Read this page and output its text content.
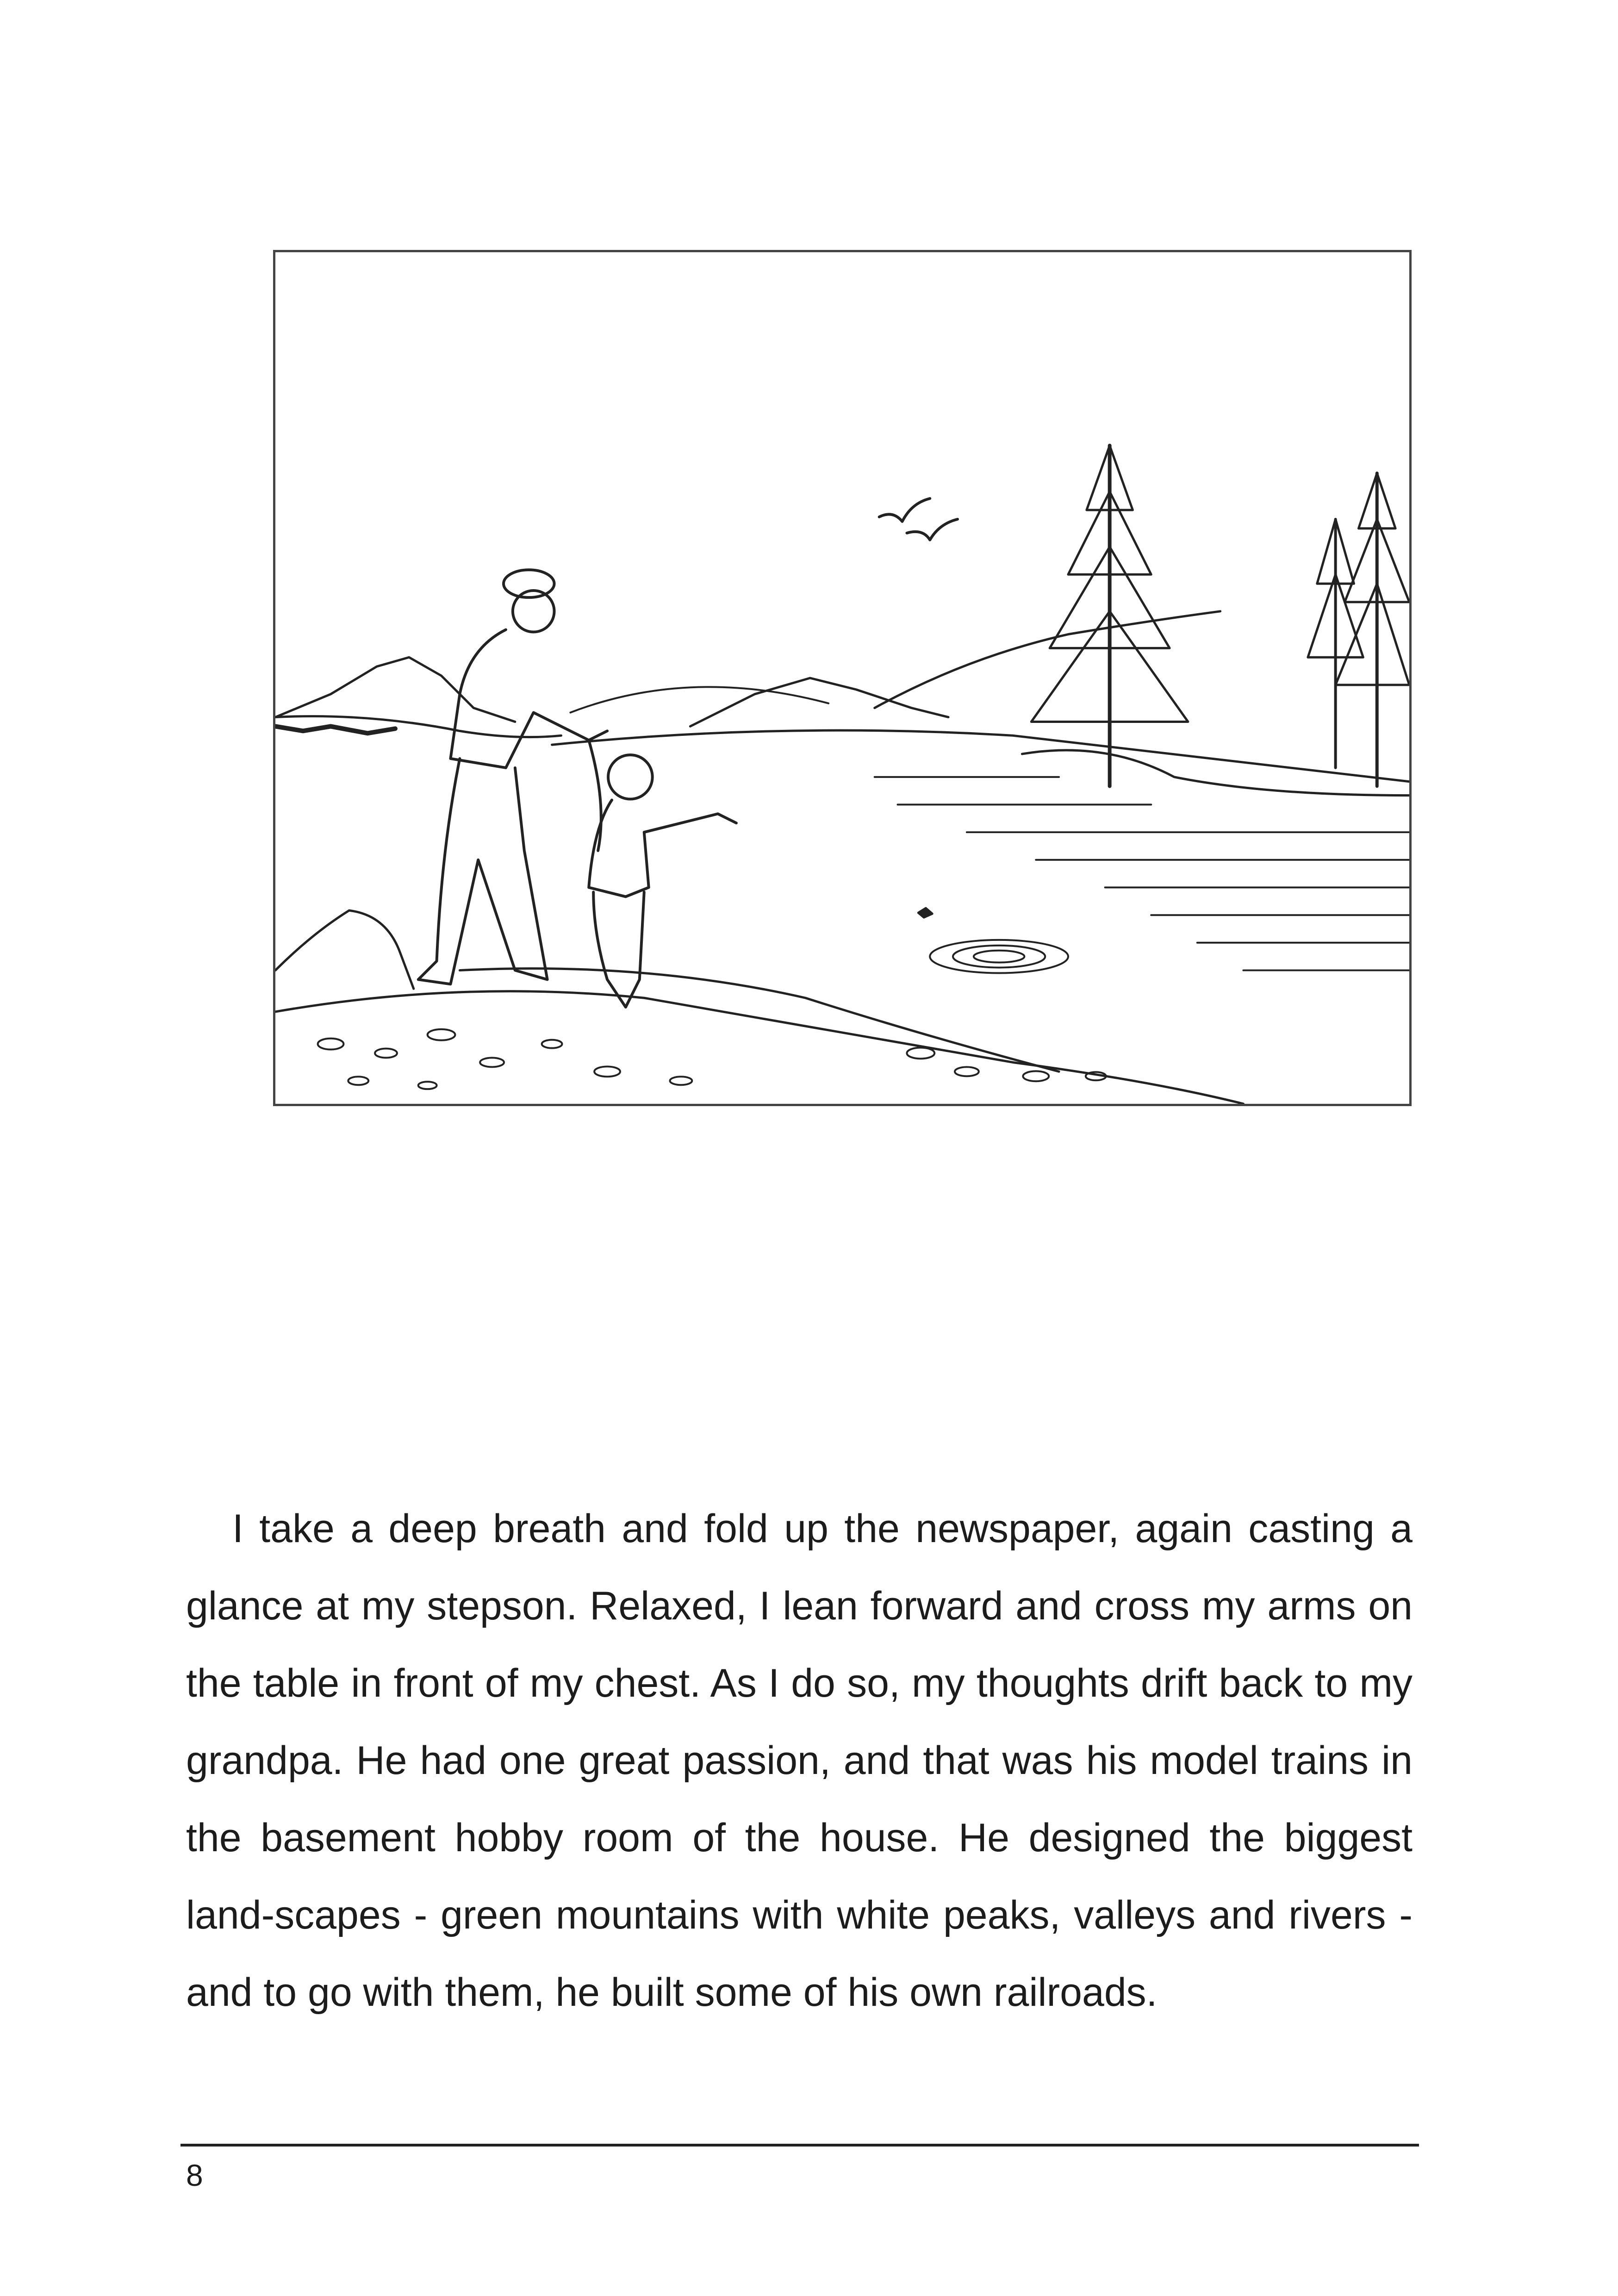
I take a deep breath and fold up the newspaper, again casting a glance at my stepson. Relaxed, I lean forward and cross my arms on the table in front of my chest. As I do so, my thoughts drift back to my grandpa. He had one great passion, and that was his model trains in the basement hobby room of the house. He designed the biggest land-scapes - green mountains with white peaks, valleys and rivers - and to go with them, he built some of his own railroads.

8
